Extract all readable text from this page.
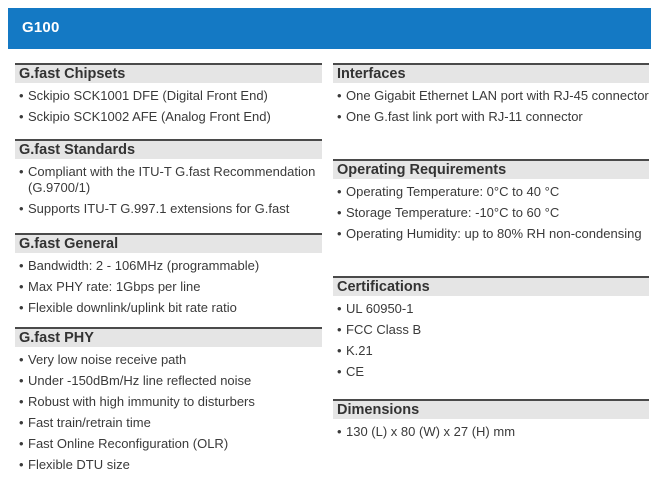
G100
G.fast Chipsets
• Sckipio SCK1001 DFE (Digital Front End)
• Sckipio SCK1002 AFE (Analog Front End)
G.fast Standards
• Compliant with the ITU-T G.fast Recommendation (G.9700/1)
• Supports ITU-T G.997.1 extensions for G.fast
G.fast General
• Bandwidth: 2 - 106MHz (programmable)
• Max PHY rate: 1Gbps per line
• Flexible downlink/uplink bit rate ratio
G.fast PHY
• Very low noise receive path
• Under -150dBm/Hz line reflected noise
• Robust with high immunity to disturbers
• Fast train/retrain time
• Fast Online Reconfiguration (OLR)
• Flexible DTU size
Interfaces
• One Gigabit Ethernet LAN port with RJ-45 connector
• One G.fast link port with RJ-11 connector
Operating Requirements
• Operating Temperature: 0°C to 40 °C
• Storage Temperature: -10°C to 60 °C
• Operating Humidity: up to 80% RH non-condensing
Certifications
• UL 60950-1
• FCC Class B
• K.21
• CE
Dimensions
• 130 (L) x 80 (W) x 27 (H) mm
